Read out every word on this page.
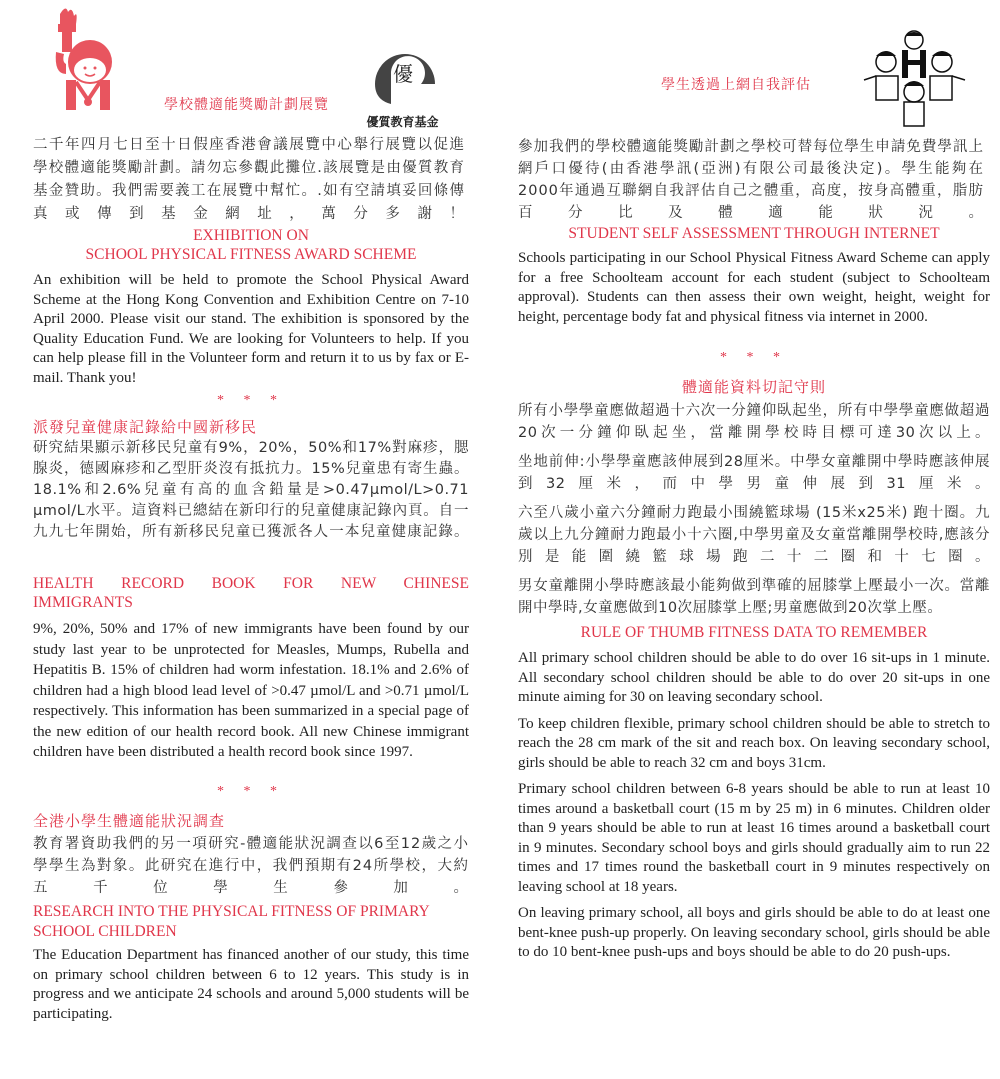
優
優質教育基金
學校體適能獎勵計劃展覽

二千年四月七日至十日假座香港會議展覽中心舉行展覽以促進學校體適能獎勵計劃。請勿忘參觀此攤位.該展覽是由優質教育基金贊助。我們需要義工在展覽中幫忙。.如有空請填妥回條傳真或傳到基金網址，萬分多謝！

EXHIBITION ON

SCHOOL PHYSICAL FITNESS AWARD SCHEME

An exhibition will be held to promote the School Physical Award Scheme at the Hong Kong Convention and Exhibition Centre on 7-10 April 2000. Please visit our stand. The exhibition is sponsored by the Quality Education Fund. We are looking for Volunteers to help. If you can help please fill in the Volunteer form and return it to us by fax or E-mail. Thank you!

* * *

派發兒童健康記錄給中國新移民

研究結果顯示新移民兒童有9%，20%，50%和17%對麻疹，腮腺炎，德國麻疹和乙型肝炎沒有抵抗力。15%兒童患有寄生蟲。18.1%和2.6%兒童有高的血含鉛量是>0.47µmol/L>0.71 µmol/L水平。這資料已總結在新印行的兒童健康記錄內頁。自一九九七年開始，所有新移民兒童已獲派各人一本兒童健康記錄。

HEALTH RECORD BOOK FOR NEW CHINESE

IMMIGRANTS

9%, 20%, 50% and 17% of new immigrants have been found by our study last year to be unprotected for Measles, Mumps, Rubella and Hepatitis B. 15% of children had worm infestation. 18.1% and 2.6% of children had a high blood lead level of >0.47 µmol/L and >0.71 µmol/L respectively. This information has been summarized in a special page of the new edition of our health record book. All new Chinese immigrant children have been distributed a health record book since 1997.

* * *

全港小學生體適能狀況調查

教育署資助我們的另一項研究-體適能狀況調查以6至12歲之小學學生為對象。此研究在進行中，我們預期有24所學校，大約五千位學生參加。

RESEARCH INTO THE PHYSICAL FITNESS OF PRIMARY SCHOOL CHILDREN

The Education Department has financed another of our study, this time on primary school children between 6 to 12 years. This study is in progress and we anticipate 24 schools and around 5,000 students will be participating.

學生透過上網自我評估

參加我們的學校體適能獎勵計劃之學校可替每位學生申請免費學訊上網戶口優待(由香港學訊(亞洲)有限公司最後決定)。學生能夠在2000年通過互聯網自我評估自己之體重，高度，按身高體重，脂肪百分比及體適能狀況。

STUDENT SELF ASSESSMENT THROUGH INTERNET

Schools participating in our School Physical Fitness Award Scheme can apply for a free Schoolteam account for each student (subject to Schoolteam approval). Students can then assess their own weight, height, weight for height, percentage body fat and physical fitness via internet in 2000.

* * *

體適能資料切記守則

所有小學學童應做超過十六次一分鐘仰臥起坐，所有中學學童應做超過20次一分鐘仰臥起坐，當離開學校時目標可達30次以上。

坐地前伸:小學學童應該伸展到28厘米。中學女童離開中學時應該伸展到32厘米，而中學男童伸展到31厘米。

六至八歲小童六分鐘耐力跑最小围繞籃球場 (15米x25米) 跑十圈。九歲以上九分鐘耐力跑最小十六圈,中學男童及女童當離開學校時,應該分別是能圍繞籃球場跑二十二圈和十七圈。

男女童離開小學時應該最小能夠做到準確的屈膝掌上壓最小一次。當離開中學時,女童應做到10次屈膝掌上壓;男童應做到20次掌上壓。

RULE OF THUMB FITNESS DATA TO REMEMBER

All primary school children should be able to do over 16 sit-ups in 1 minute. All secondary school children should be able to do over 20 sit-ups in one minute aiming for 30 on leaving secondary school.

To keep children flexible, primary school children should be able to stretch to reach the 28 cm mark of the sit and reach box. On leaving secondary school, girls should be able to reach 32 cm and boys 31cm.

Primary school children between 6-8 years should be able to run at least 10 times around a basketball court (15 m by 25 m) in 6 minutes. Children older than 9 years should be able to run at least 16 times around a basketball court in 9 minutes. Secondary school boys and girls should gradually aim to run 22 times and 17 times round the basketball court in 9 minutes respectively on leaving school at 18 years.

On leaving primary school, all boys and girls should be able to do at least one bent-knee push-up properly. On leaving secondary school, girls should be able to do 10 bent-knee push-ups and boys should be able to do 20 push-ups.
